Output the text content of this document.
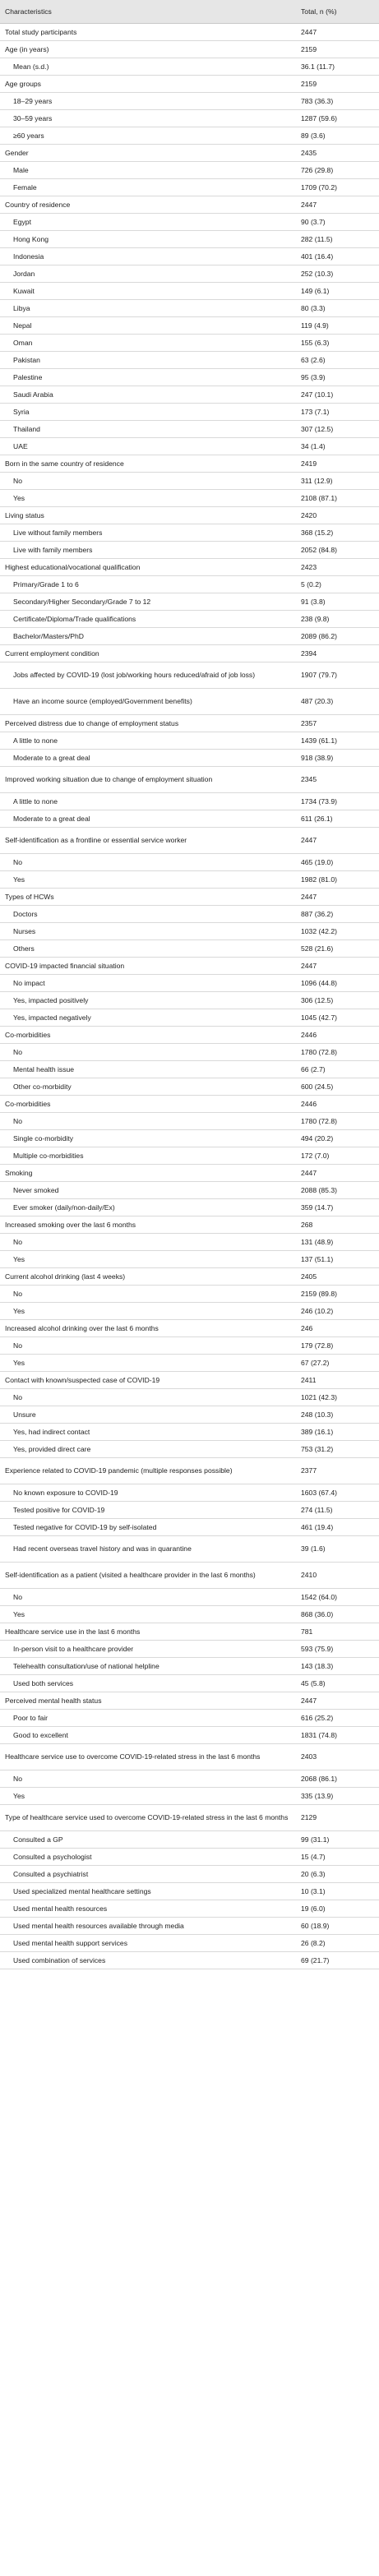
Characteristics	Total, n (%)
Total study participants	2447
Age (in years)	2159
Mean (s.d.)	36.1 (11.7)
Age groups	2159
18–29 years	783 (36.3)
30–59 years	1287 (59.6)
≥60 years	89 (3.6)
Gender	2435
Male	726 (29.8)
Female	1709 (70.2)
Country of residence	2447
Egypt	90 (3.7)
Hong Kong	282 (11.5)
Indonesia	401 (16.4)
Jordan	252 (10.3)
Kuwait	149 (6.1)
Libya	80 (3.3)
Nepal	119 (4.9)
Oman	155 (6.3)
Pakistan	63 (2.6)
Palestine	95 (3.9)
Saudi Arabia	247 (10.1)
Syria	173 (7.1)
Thailand	307 (12.5)
UAE	34 (1.4)
Born in the same country of residence	2419
No	311 (12.9)
Yes	2108 (87.1)
Living status	2420
Live without family members	368 (15.2)
Live with family members	2052 (84.8)
Highest educational/vocational qualification	2423
Primary/Grade 1 to 6	5 (0.2)
Secondary/Higher Secondary/Grade 7 to 12	91 (3.8)
Certificate/Diploma/Trade qualifications	238 (9.8)
Bachelor/Masters/PhD	2089 (86.2)
Current employment condition	2394
Jobs affected by COVID-19 (lost job/working hours reduced/afraid of job loss)	1907 (79.7)
Have an income source (employed/Government benefits)	487 (20.3)
Perceived distress due to change of employment status	2357
A little to none	1439 (61.1)
Moderate to a great deal	918 (38.9)
Improved working situation due to change of employment situation	2345
A little to none	1734 (73.9)
Moderate to a great deal	611 (26.1)
Self-identification as a frontline or essential service worker	2447
No	465 (19.0)
Yes	1982 (81.0)
Types of HCWs	2447
Doctors	887 (36.2)
Nurses	1032 (42.2)
Others	528 (21.6)
COVID-19 impacted financial situation	2447
No impact	1096 (44.8)
Yes, impacted positively	306 (12.5)
Yes, impacted negatively	1045 (42.7)
Co-morbidities	2446
No	1780 (72.8)
Mental health issue	66 (2.7)
Other co-morbidity	600 (24.5)
Co-morbidities	2446
No	1780 (72.8)
Single co-morbidity	494 (20.2)
Multiple co-morbidities	172 (7.0)
Smoking	2447
Never smoked	2088 (85.3)
Ever smoker (daily/non-daily/Ex)	359 (14.7)
Increased smoking over the last 6 months	268
No	131 (48.9)
Yes	137 (51.1)
Current alcohol drinking (last 4 weeks)	2405
No	2159 (89.8)
Yes	246 (10.2)
Increased alcohol drinking over the last 6 months	246
No	179 (72.8)
Yes	67 (27.2)
Contact with known/suspected case of COVID-19	2411
No	1021 (42.3)
Unsure	248 (10.3)
Yes, had indirect contact	389 (16.1)
Yes, provided direct care	753 (31.2)
Experience related to COVID-19 pandemic (multiple responses possible)	2377
No known exposure to COVID-19	1603 (67.4)
Tested positive for COVID-19	274 (11.5)
Tested negative for COVID-19 by self-isolated	461 (19.4)
Had recent overseas travel history and was in quarantine	39 (1.6)
Self-identification as a patient (visited a healthcare provider in the last 6 months)	2410
No	1542 (64.0)
Yes	868 (36.0)
Healthcare service use in the last 6 months	781
In-person visit to a healthcare provider	593 (75.9)
Telehealth consultation/use of national helpline	143 (18.3)
Used both services	45 (5.8)
Perceived mental health status	2447
Poor to fair	616 (25.2)
Good to excellent	1831 (74.8)
Healthcare service use to overcome COVID-19-related stress in the last 6 months	2403
No	2068 (86.1)
Yes	335 (13.9)
Type of healthcare service used to overcome COVID-19-related stress in the last 6 months	2129
Consulted a GP	99 (31.1)
Consulted a psychologist	15 (4.7)
Consulted a psychiatrist	20 (6.3)
Used specialized mental healthcare settings	10 (3.1)
Used mental health resources	19 (6.0)
Used mental health resources available through media	60 (18.9)
Used mental health support services	26 (8.2)
Used combination of services	69 (21.7)
